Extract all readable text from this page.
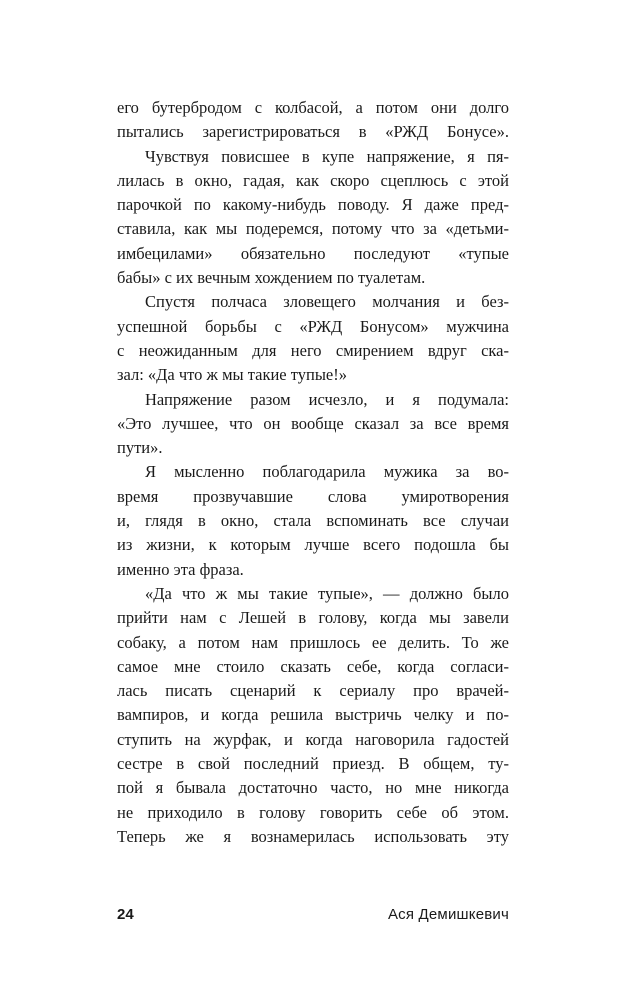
его бутербродом с колбасой, а потом они долго
пытались зарегистрироваться в «РЖД Бонусе».

Чувствуя повисшее в купе напряжение, я пя-
лилась в окно, гадая, как скоро сцеплюсь с этой
парочкой по какому-нибудь поводу. Я даже пред-
ставила, как мы подеремся, потому что за «детьми-
имбецилами» обязательно последуют «тупые
бабы» с их вечным хождением по туалетам.

Спустя полчаса зловещего молчания и без-
успешной борьбы с «РЖД Бонусом» мужчина
с неожиданным для него смирением вдруг ска-
зал: «Да что ж мы такие тупые!»

Напряжение разом исчезло, и я подумала:
«Это лучшее, что он вообще сказал за все время
пути».

Я мысленно поблагодарила мужика за во-
время прозвучавшие слова умиротворения
и, глядя в окно, стала вспоминать все случаи
из жизни, к которым лучше всего подошла бы
именно эта фраза.

«Да что ж мы такие тупые», — должно было
прийти нам с Лешей в голову, когда мы завели
собаку, а потом нам пришлось ее делить. То же
самое мне стоило сказать себе, когда согласи-
лась писать сценарий к сериалу про врачей-
вампиров, и когда решила выстричь челку и по-
ступить на журфак, и когда наговорила гадостей
сестре в свой последний приезд. В общем, ту-
пой я бывала достаточно часто, но мне никогда
не приходило в голову говорить себе об этом.
Теперь же я вознамерилась использовать эту

24	Ася Демишкевич
